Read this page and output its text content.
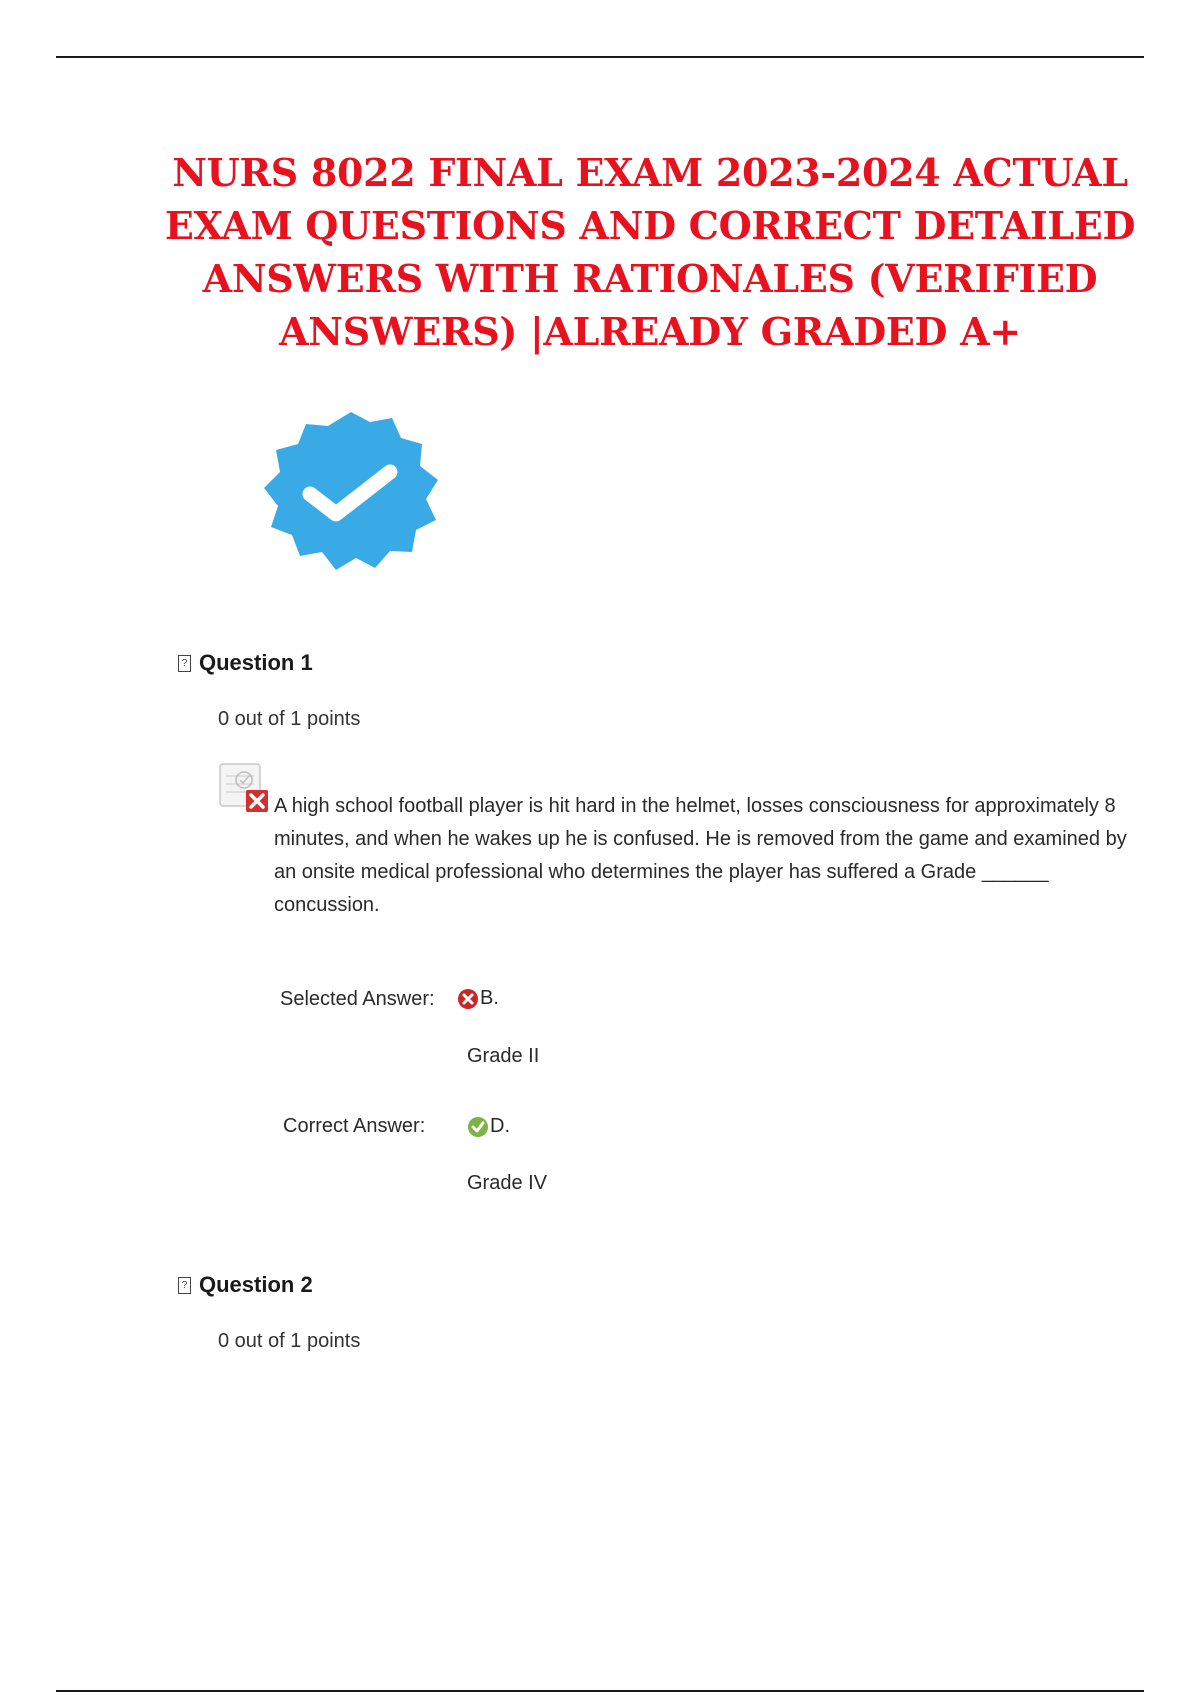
NURS 8022 FINAL EXAM 2023-2024 ACTUAL EXAM QUESTIONS AND CORRECT DETAILED ANSWERS WITH RATIONALES (VERIFIED ANSWERS) |ALREADY GRADED A+
? Question 1
0 out of 1 points

A high school football player is hit hard in the helmet, losses consciousness for approximately 8 minutes, and when he wakes up he is confused. He is removed from the game and examined by an onsite medical professional who determines the player has suffered a Grade ______ concussion.

Selected Answer: B.
Grade II
Correct Answer:	D.
Grade IV
? Question 2
0 out of 1 points
